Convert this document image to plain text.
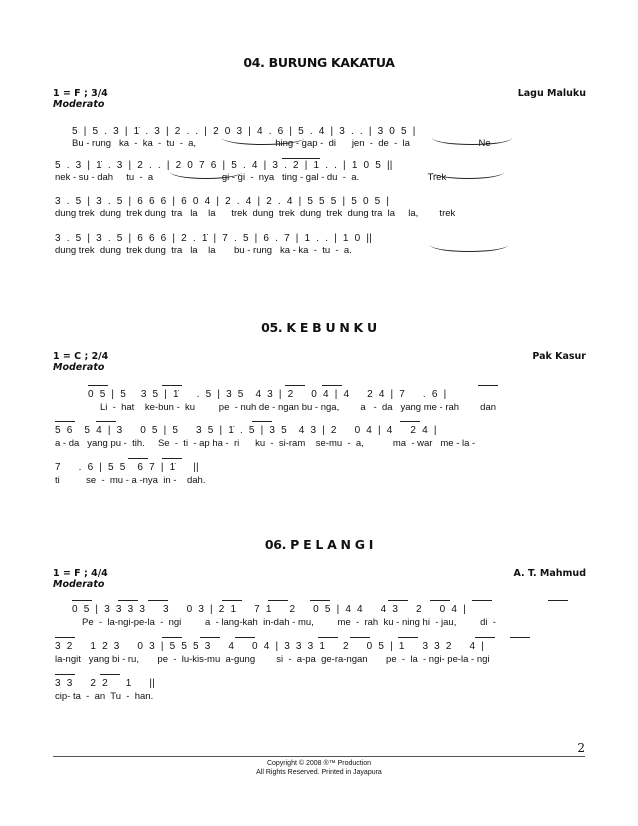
04. BURUNG KAKATUA
1 = F ; 3/4
Moderato
Lagu Maluku
5  |  5  .  3  |  1̇  .  3  |  2  .  .  |  2  0  3  |  4  .  6  |  5  .  4  |  3  .  .  |  3  0  5  |
Bu - rung   ka  -  ka  -  tu  -  a,                              hing - gap -  di      jen  -  de  -  la                          Ne -
5  .  3  |  1̇  .  3  |  2  .  .  |  2  0  7  6  |  5  .  4  |  3  .  2  |  1  .  .  |  1  0  5  ||
nek - su - dah     tu  -  a                          gi - gi  -  nya   ting - gal - du  -  a.                          Trek
3  .  5  |  3  .  5  |  6  6  6  |  6  0  4  |  2  .  4  |  2  .  4  |  5  5  5  |  5  0  5  |
dung trek  dung  trek dung  tra   la    la      trek  dung  trek  dung  trek  dung tra  la     la,        trek
3  .  5  |  3  .  5  |  6  6  6  |  2  .  1̇  |  7  .  5  |  6  .  7  |  1  .  .  |  1  0  ||
dung trek  dung  trek dung  tra   la    la       bu - rung   ka - ka  -  tu  -  a.
05. K E B U N K U
1 = C ; 2/4
Moderato
Pak Kasur
0  5  |  5     3  5  |  1̇      .  5  |  3  5    4  3  |  2      0  4  |  4      2  4  |  7      .  6  |
Li  -  hat    ke-bun -  ku         pe  - nuh de - ngan bu - nga,        a   -  da   yang me - rah        dan
5  6    5  4  |  3      0  5  |  5      3  5  |  1̇  .  5  |  3  5    4  3  |  2      0  4  |  4      2  4  |
a - da   yang pu -  tih.     Se  -  ti  - ap ha -  ri      ku  -  si-ram    se-mu  -  a,           ma  - war   me - la -
7      .  6  |  5  5    6  7  |  1̇      ||
ti          se  -  mu - a -nya  in -    dah.
06. P E L A N G I
1 = F ; 4/4
Moderato
A. T. Mahmud
0  5  |  3  3  3  3      3      0  3  |  2  1      7  1      2      0  5  |  4  4      4  3      2      0  4  |
Pe  -  la-ngi-pe-la  -  ngi         a  - lang-kah  in-dah - mu,         me  -  rah  ku - ning hi  - jau,         di  -
3  2      1  2  3      0  3  |  5  5  5  3      4      0  4  |  3  3  3  1      2      0  5  |  1      3  3  2      4  |
la-ngit   yang bi - ru,       pe  -  lu-kis-mu  a-gung        si  -  a-pa  ge-ra-ngan       pe  -  la  - ngi- pe-la - ngi
3  3      2  2      1      ||
cip- ta  -  an  Tu  -  han.
2
Copyright © 2008 ®™ Production
All Rights Reserved. Printed in Jayapura
